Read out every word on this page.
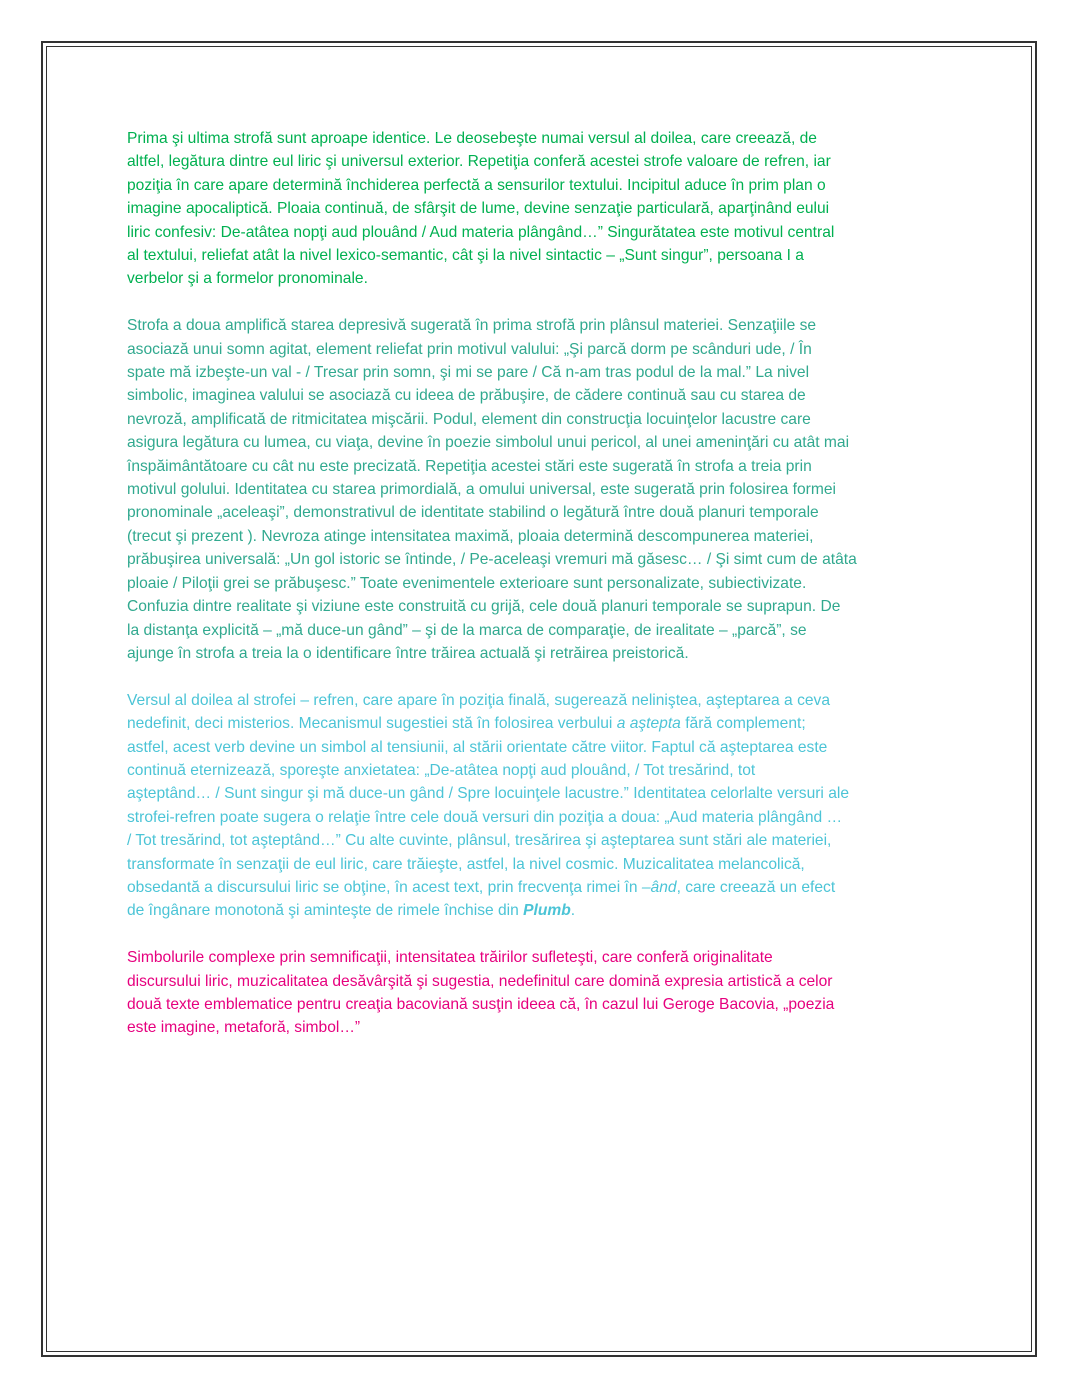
Prima şi ultima strofă sunt aproape identice. Le deosebeşte numai versul al doilea, care creează, de
altfel, legătura dintre eul liric şi universul exterior. Repetiţia conferă acestei strofe valoare de refren, iar
poziţia în care apare determină închiderea perfectă a sensurilor textului. Incipitul aduce în prim plan o
imagine apocaliptică. Ploaia continuă, de sfârşit de lume, devine senzaţie particulară, aparţinând eului
liric confesiv: De-atâtea nopţi aud plouând / Aud materia plângând…” Singurătatea este motivul central
al textului, reliefat atât la nivel lexico-semantic, cât şi la nivel sintactic – „Sunt singur”, persoana I a
verbelor şi a formelor pronominale.

Strofa a doua amplifică starea depresivă sugerată în prima strofă prin plânsul materiei. Senzaţiile se
asociază unui somn agitat, element reliefat prin motivul valului: „Şi parcă dorm pe scânduri ude, / În
spate mă izbeşte-un val - / Tresar prin somn, şi mi se pare / Că n-am tras podul de la mal.” La nivel
simbolic, imaginea valului se asociază cu ideea de prăbuşire, de cădere continuă sau cu starea de
nevroză, amplificată de ritmicitatea mişcării. Podul, element din construcţia locuinţelor lacustre care
asigura legătura cu lumea, cu viaţa, devine în poezie simbolul unui pericol, al unei ameninţări cu atât mai
înspăimântătoare cu cât nu este precizată. Repetiţia acestei stări este sugerată în strofa a treia prin
motivul golului. Identitatea cu starea primordială, a omului universal, este sugerată prin folosirea formei
pronominale „aceleaşi”, demonstrativul de identitate stabilind o legătură între două planuri temporale
(trecut şi prezent ). Nevroza atinge intensitatea maximă, ploaia determină descompunerea materiei,
prăbuşirea universală: „Un gol istoric se întinde, / Pe-aceleaşi vremuri mă găsesc… / Şi simt cum de atâta
ploaie / Piloţii grei se prăbuşesc.” Toate evenimentele exterioare sunt personalizate, subiectivizate.
Confuzia dintre realitate şi viziune este construită cu grijă, cele două planuri temporale se suprapun. De
la distanţa explicită – „mă duce-un gând” – şi de la marca de comparaţie, de irealitate – „parcă”, se
ajunge în strofa a treia la o identificare între trăirea actuală şi retrăirea preistorică.

Versul al doilea al strofei – refren, care apare în poziţia finală, sugerează neliniştea, aşteptarea a ceva
nedefinit, deci misterios. Mecanismul sugestiei stă în folosirea verbului a aştepta fără complement;
astfel, acest verb devine un simbol al tensiunii, al stării orientate către viitor. Faptul că aşteptarea este
continuă eternizează, sporeşte anxietatea: „De-atâtea nopţi aud plouând, / Tot tresărind, tot
aşteptând… / Sunt singur şi mă duce-un gând / Spre locuinţele lacustre.” Identitatea celorlalte versuri ale
strofei-refren poate sugera o relaţie între cele două versuri din poziţia a doua: „Aud materia plângând …
/ Tot tresărind, tot aşteptând…” Cu alte cuvinte, plânsul, tresărirea şi aşteptarea sunt stări ale materiei,
transformate în senzaţii de eul liric, care trăieşte, astfel, la nivel cosmic. Muzicalitatea melancolică,
obsedantă a discursului liric se obţine, în acest text, prin frecvenţa rimei în –ând, care creează un efect
de îngânare monotonă şi aminteşte de rimele închise din Plumb.

Simbolurile complexe prin semnificaţii, intensitatea trăirilor sufleteşti, care conferă originalitate
discursului liric, muzicalitatea desăvârşită şi sugestia, nedefinitul care domină expresia artistică a celor
două texte emblematice pentru creaţia bacoviană susţin ideea că, în cazul lui Geroge Bacovia, „poezia
este imagine, metaforă, simbol…”
